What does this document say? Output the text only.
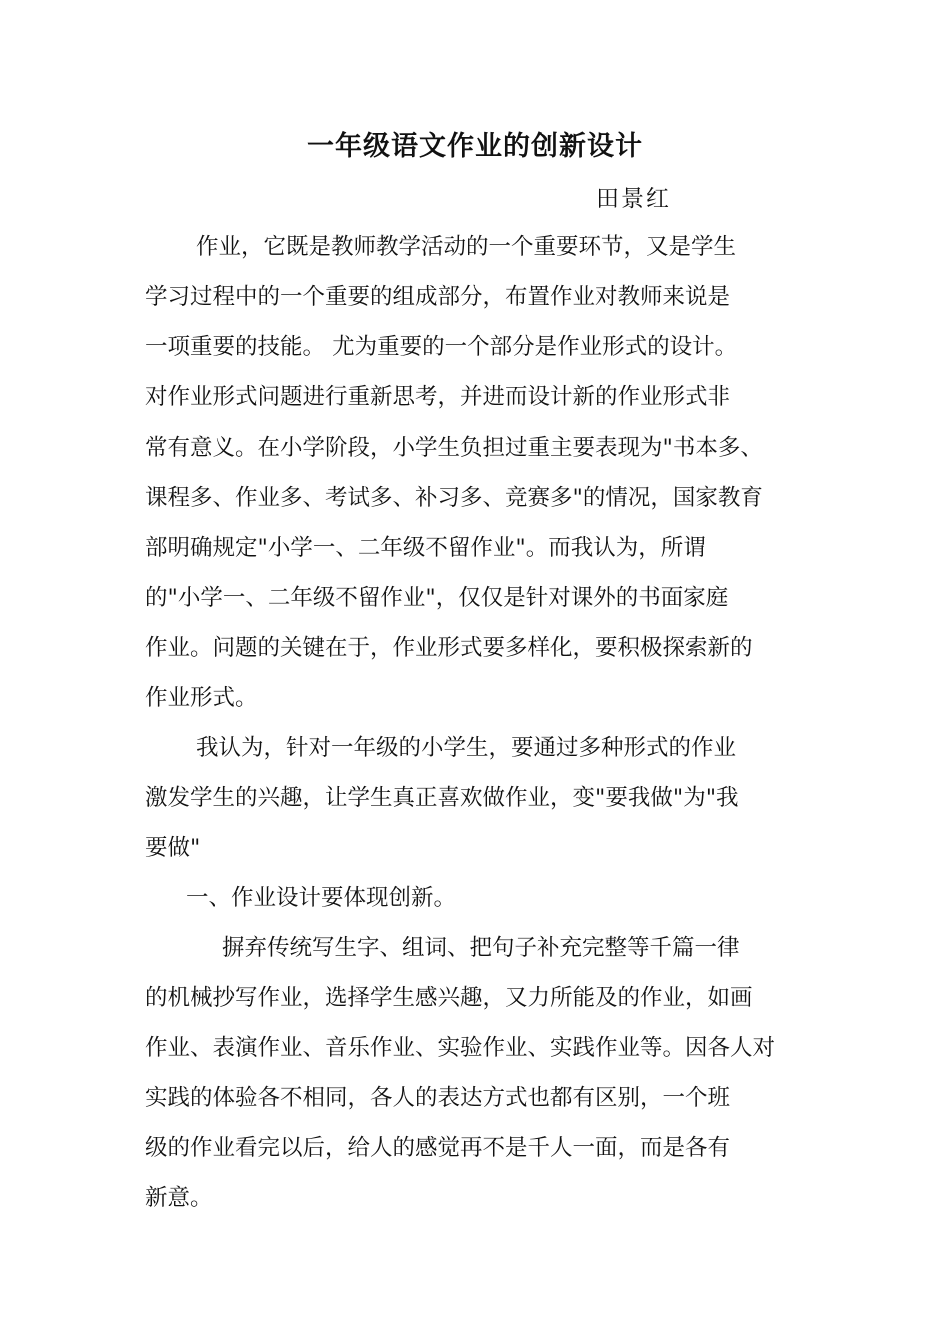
一年级语文作业的创新设计
田景红
作业，它既是教师教学活动的一个重要环节，又是学生
学习过程中的一个重要的组成部分，布置作业对教师来说是
一项重要的技能。 尤为重要的一个部分是作业形式的设计。
对作业形式问题进行重新思考，并进而设计新的作业形式非
常有意义。在小学阶段，小学生负担过重主要表现为"书本多、
课程多、作业多、考试多、补习多、竞赛多"的情况，国家教育
部明确规定"小学一、二年级不留作业"。而我认为，所谓
的"小学一、二年级不留作业"，仅仅是针对课外的书面家庭
作业。问题的关键在于，作业形式要多样化，要积极探索新的
作业形式。
我认为，针对一年级的小学生，要通过多种形式的作业
激发学生的兴趣，让学生真正喜欢做作业，变"要我做"为"我
要做"
一、作业设计要体现创新。
摒弃传统写生字、组词、把句子补充完整等千篇一律
的机械抄写作业，选择学生感兴趣，又力所能及的作业，如画
作业、表演作业、音乐作业、实验作业、实践作业等。因各人对
实践的体验各不相同，各人的表达方式也都有区别，一个班
级的作业看完以后，给人的感觉再不是千人一面，而是各有
新意。
